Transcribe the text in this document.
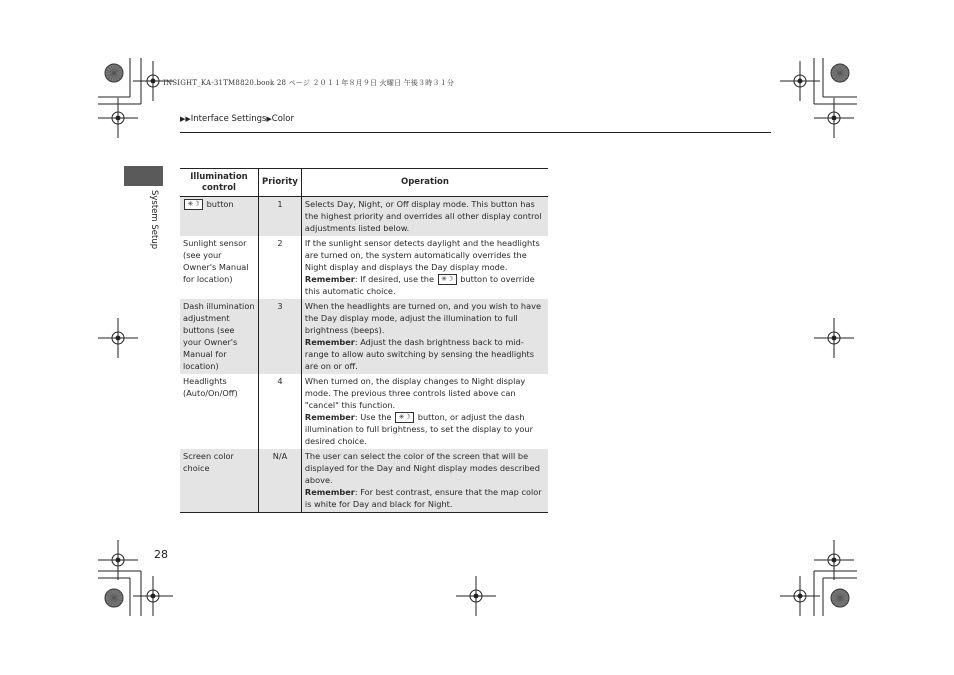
INSIGHT_KA-31TM8820.book 28 ページ ２０１１年８月９日 火曜日 午後３時３１分
▶▶Interface Settings▶Color
System Setup
Illumination control	Priority	Operation
✳☽ button	1	Selects Day, Night, or Off display mode. This button has the highest priority and overrides all other display control adjustments listed below.
Sunlight sensor (see your Owner's Manual for location)	2	If the sunlight sensor detects daylight and the headlights are turned on, the system automatically overrides the Night display and displays the Day display mode.
Remember: If desired, use the ✳☽ button to override this automatic choice.
Dash illumination adjustment buttons (see your Owner's Manual for location)	3	When the headlights are turned on, and you wish to have the Day display mode, adjust the illumination to full brightness (beeps).
Remember: Adjust the dash brightness back to mid-range to allow auto switching by sensing the headlights are on or off.
Headlights (Auto/On/Off)	4	When turned on, the display changes to Night display mode. The previous three controls listed above can "cancel" this function.
Remember: Use the ✳☽ button, or adjust the dash illumination to full brightness, to set the display to your desired choice.
Screen color choice	N/A	The user can select the color of the screen that will be displayed for the Day and Night display modes described above.
Remember: For best contrast, ensure that the map color is white for Day and black for Night.
28
